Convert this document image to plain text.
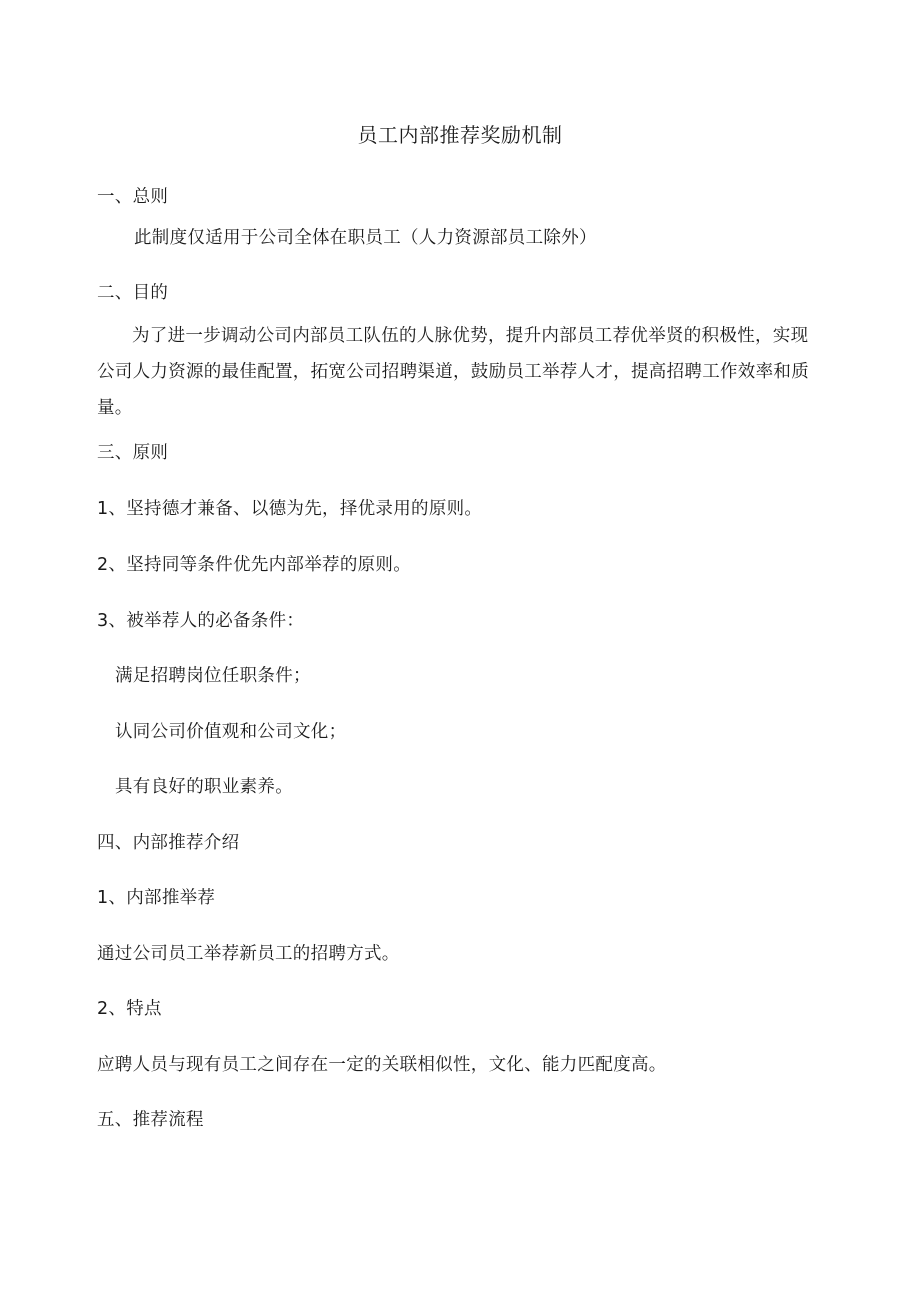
员工内部推荐奖励机制
一、总则
此制度仅适用于公司全体在职员工（人力资源部员工除外）
二、目的

为了进一步调动公司内部员工队伍的人脉优势，提升内部员工荐优举贤的积极性，实现公司人力资源的最佳配置，拓宽公司招聘渠道，鼓励员工举荐人才，提高招聘工作效率和质量。

三、原则
1、坚持德才兼备、以德为先，择优录用的原则。
2、坚持同等条件优先内部举荐的原则。
3、被举荐人的必备条件：
满足招聘岗位任职条件；
认同公司价值观和公司文化；
具有良好的职业素养。
四、内部推荐介绍
1、内部推举荐
通过公司员工举荐新员工的招聘方式。
2、特点
应聘人员与现有员工之间存在一定的关联相似性，文化、能力匹配度高。
五、推荐流程
